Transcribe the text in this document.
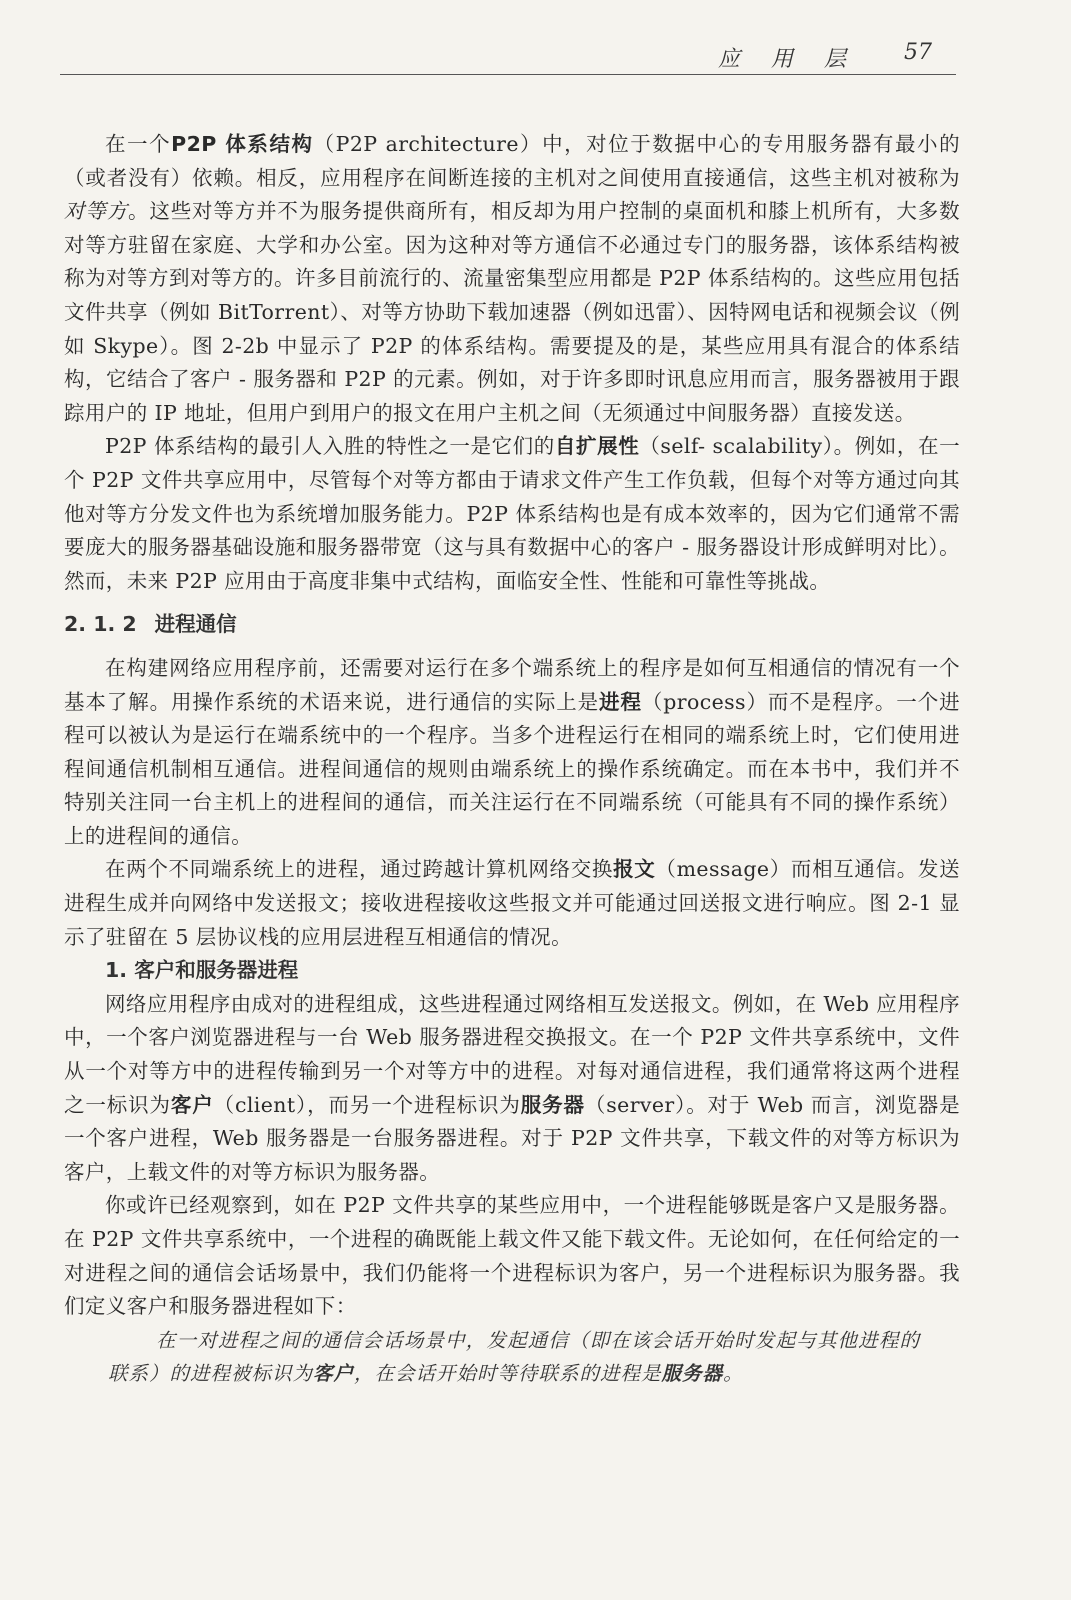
应 用 层 57

在一个P2P 体系结构（P2P architecture）中，对位于数据中心的专用服务器有最小的（或者没有）依赖。相反，应用程序在间断连接的主机对之间使用直接通信，这些主机对被称为对等方。这些对等方并不为服务提供商所有，相反却为用户控制的桌面机和膝上机所有，大多数对等方驻留在家庭、大学和办公室。因为这种对等方通信不必通过专门的服务器，该体系结构被称为对等方到对等方的。许多目前流行的、流量密集型应用都是 P2P 体系结构的。这些应用包括文件共享（例如 BitTorrent）、对等方协助下载加速器（例如迅雷）、因特网电话和视频会议（例如 Skype）。图 2-2b 中显示了 P2P 的体系结构。需要提及的是，某些应用具有混合的体系结构，它结合了客户 - 服务器和 P2P 的元素。例如，对于许多即时讯息应用而言，服务器被用于跟踪用户的 IP 地址，但用户到用户的报文在用户主机之间（无须通过中间服务器）直接发送。

P2P 体系结构的最引人入胜的特性之一是它们的自扩展性（self- scalability）。例如，在一个 P2P 文件共享应用中，尽管每个对等方都由于请求文件产生工作负载，但每个对等方通过向其他对等方分发文件也为系统增加服务能力。P2P 体系结构也是有成本效率的，因为它们通常不需要庞大的服务器基础设施和服务器带宽（这与具有数据中心的客户 - 服务器设计形成鲜明对比）。然而，未来 P2P 应用由于高度非集中式结构，面临安全性、性能和可靠性等挑战。

2. 1. 2 进程通信

在构建网络应用程序前，还需要对运行在多个端系统上的程序是如何互相通信的情况有一个基本了解。用操作系统的术语来说，进行通信的实际上是进程（process）而不是程序。一个进程可以被认为是运行在端系统中的一个程序。当多个进程运行在相同的端系统上时，它们使用进程间通信机制相互通信。进程间通信的规则由端系统上的操作系统确定。而在本书中，我们并不特别关注同一台主机上的进程间的通信，而关注运行在不同端系统（可能具有不同的操作系统）上的进程间的通信。

在两个不同端系统上的进程，通过跨越计算机网络交换报文（message）而相互通信。发送进程生成并向网络中发送报文；接收进程接收这些报文并可能通过回送报文进行响应。图 2-1 显示了驻留在 5 层协议栈的应用层进程互相通信的情况。

1. 客户和服务器进程

网络应用程序由成对的进程组成，这些进程通过网络相互发送报文。例如，在 Web 应用程序中，一个客户浏览器进程与一台 Web 服务器进程交换报文。在一个 P2P 文件共享系统中，文件从一个对等方中的进程传输到另一个对等方中的进程。对每对通信进程，我们通常将这两个进程之一标识为客户（client），而另一个进程标识为服务器（server）。对于 Web 而言，浏览器是一个客户进程，Web 服务器是一台服务器进程。对于 P2P 文件共享，下载文件的对等方标识为客户，上载文件的对等方标识为服务器。

你或许已经观察到，如在 P2P 文件共享的某些应用中，一个进程能够既是客户又是服务器。在 P2P 文件共享系统中，一个进程的确既能上载文件又能下载文件。无论如何，在任何给定的一对进程之间的通信会话场景中，我们仍能将一个进程标识为客户，另一个进程标识为服务器。我们定义客户和服务器进程如下：

在一对进程之间的通信会话场景中，发起通信（即在该会话开始时发起与其他进程的联系）的进程被标识为客户，在会话开始时等待联系的进程是服务器。
